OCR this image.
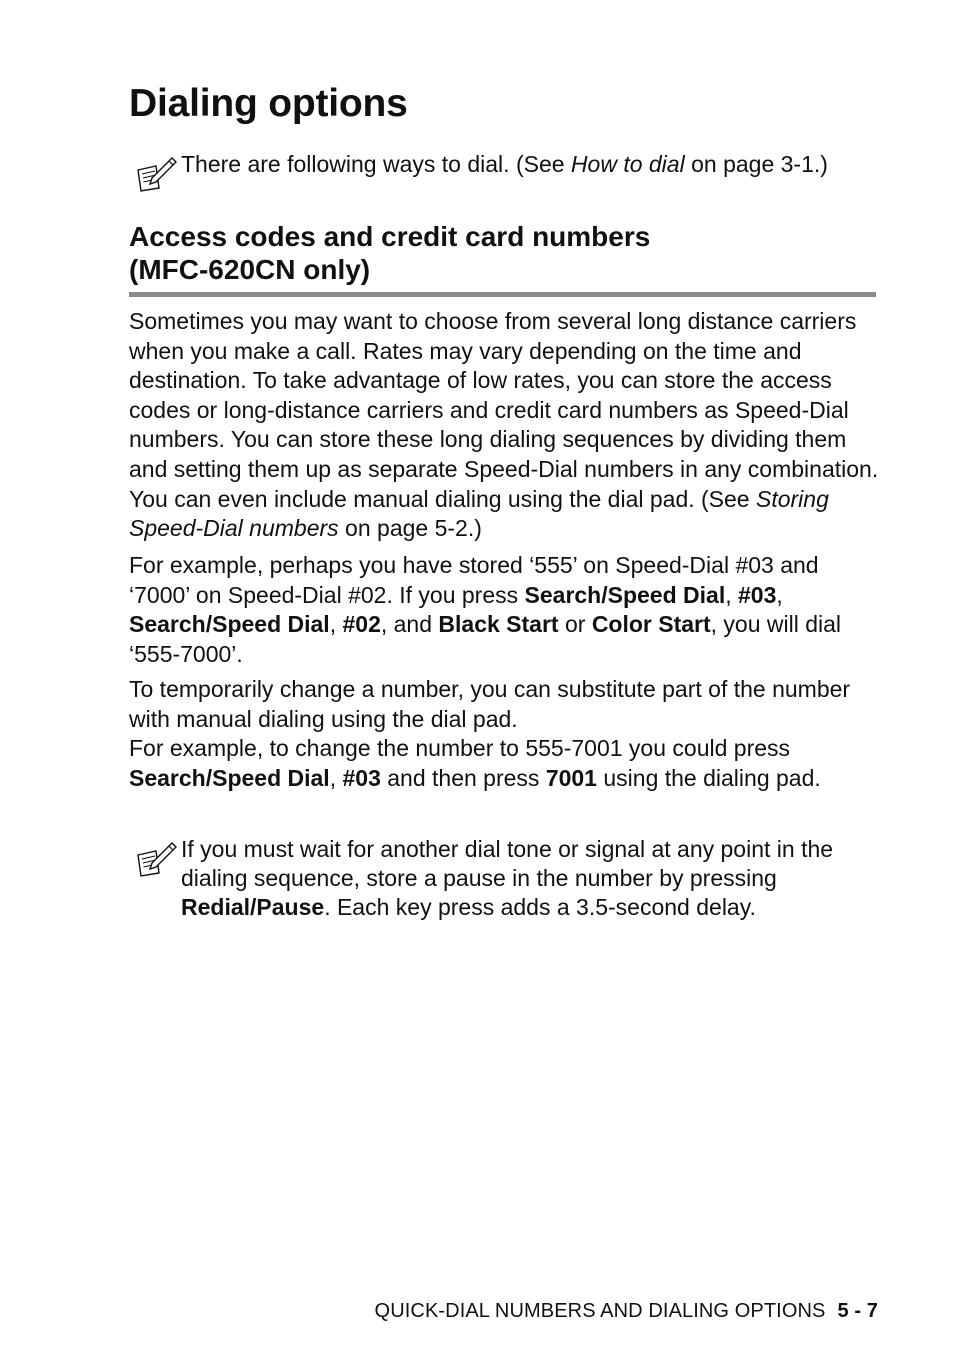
Dialing options
There are following ways to dial. (See How to dial on page 3-1.)
Access codes and credit card numbers
(MFC-620CN only)

Sometimes you may want to choose from several long distance carriers when you make a call. Rates may vary depending on the time and destination. To take advantage of low rates, you can store the access codes or long-distance carriers and credit card numbers as Speed-Dial numbers. You can store these long dialing sequences by dividing them and setting them up as separate Speed-Dial numbers in any combination. You can even include manual dialing using the dial pad. (See Storing Speed-Dial numbers on page 5-2.)

For example, perhaps you have stored ‘555’ on Speed-Dial #03 and ‘7000’ on Speed-Dial #02. If you press Search/Speed Dial, #03, Search/Speed Dial, #02, and Black Start or Color Start, you will dial ‘555-7000’.

To temporarily change a number, you can substitute part of the number with manual dialing using the dial pad.
For example, to change the number to 555-7001 you could press Search/Speed Dial, #03 and then press 7001 using the dialing pad.

If you must wait for another dial tone or signal at any point in the dialing sequence, store a pause in the number by pressing Redial/Pause. Each key press adds a 3.5-second delay.
QUICK-DIAL NUMBERS AND DIALING OPTIONS 5 - 7
